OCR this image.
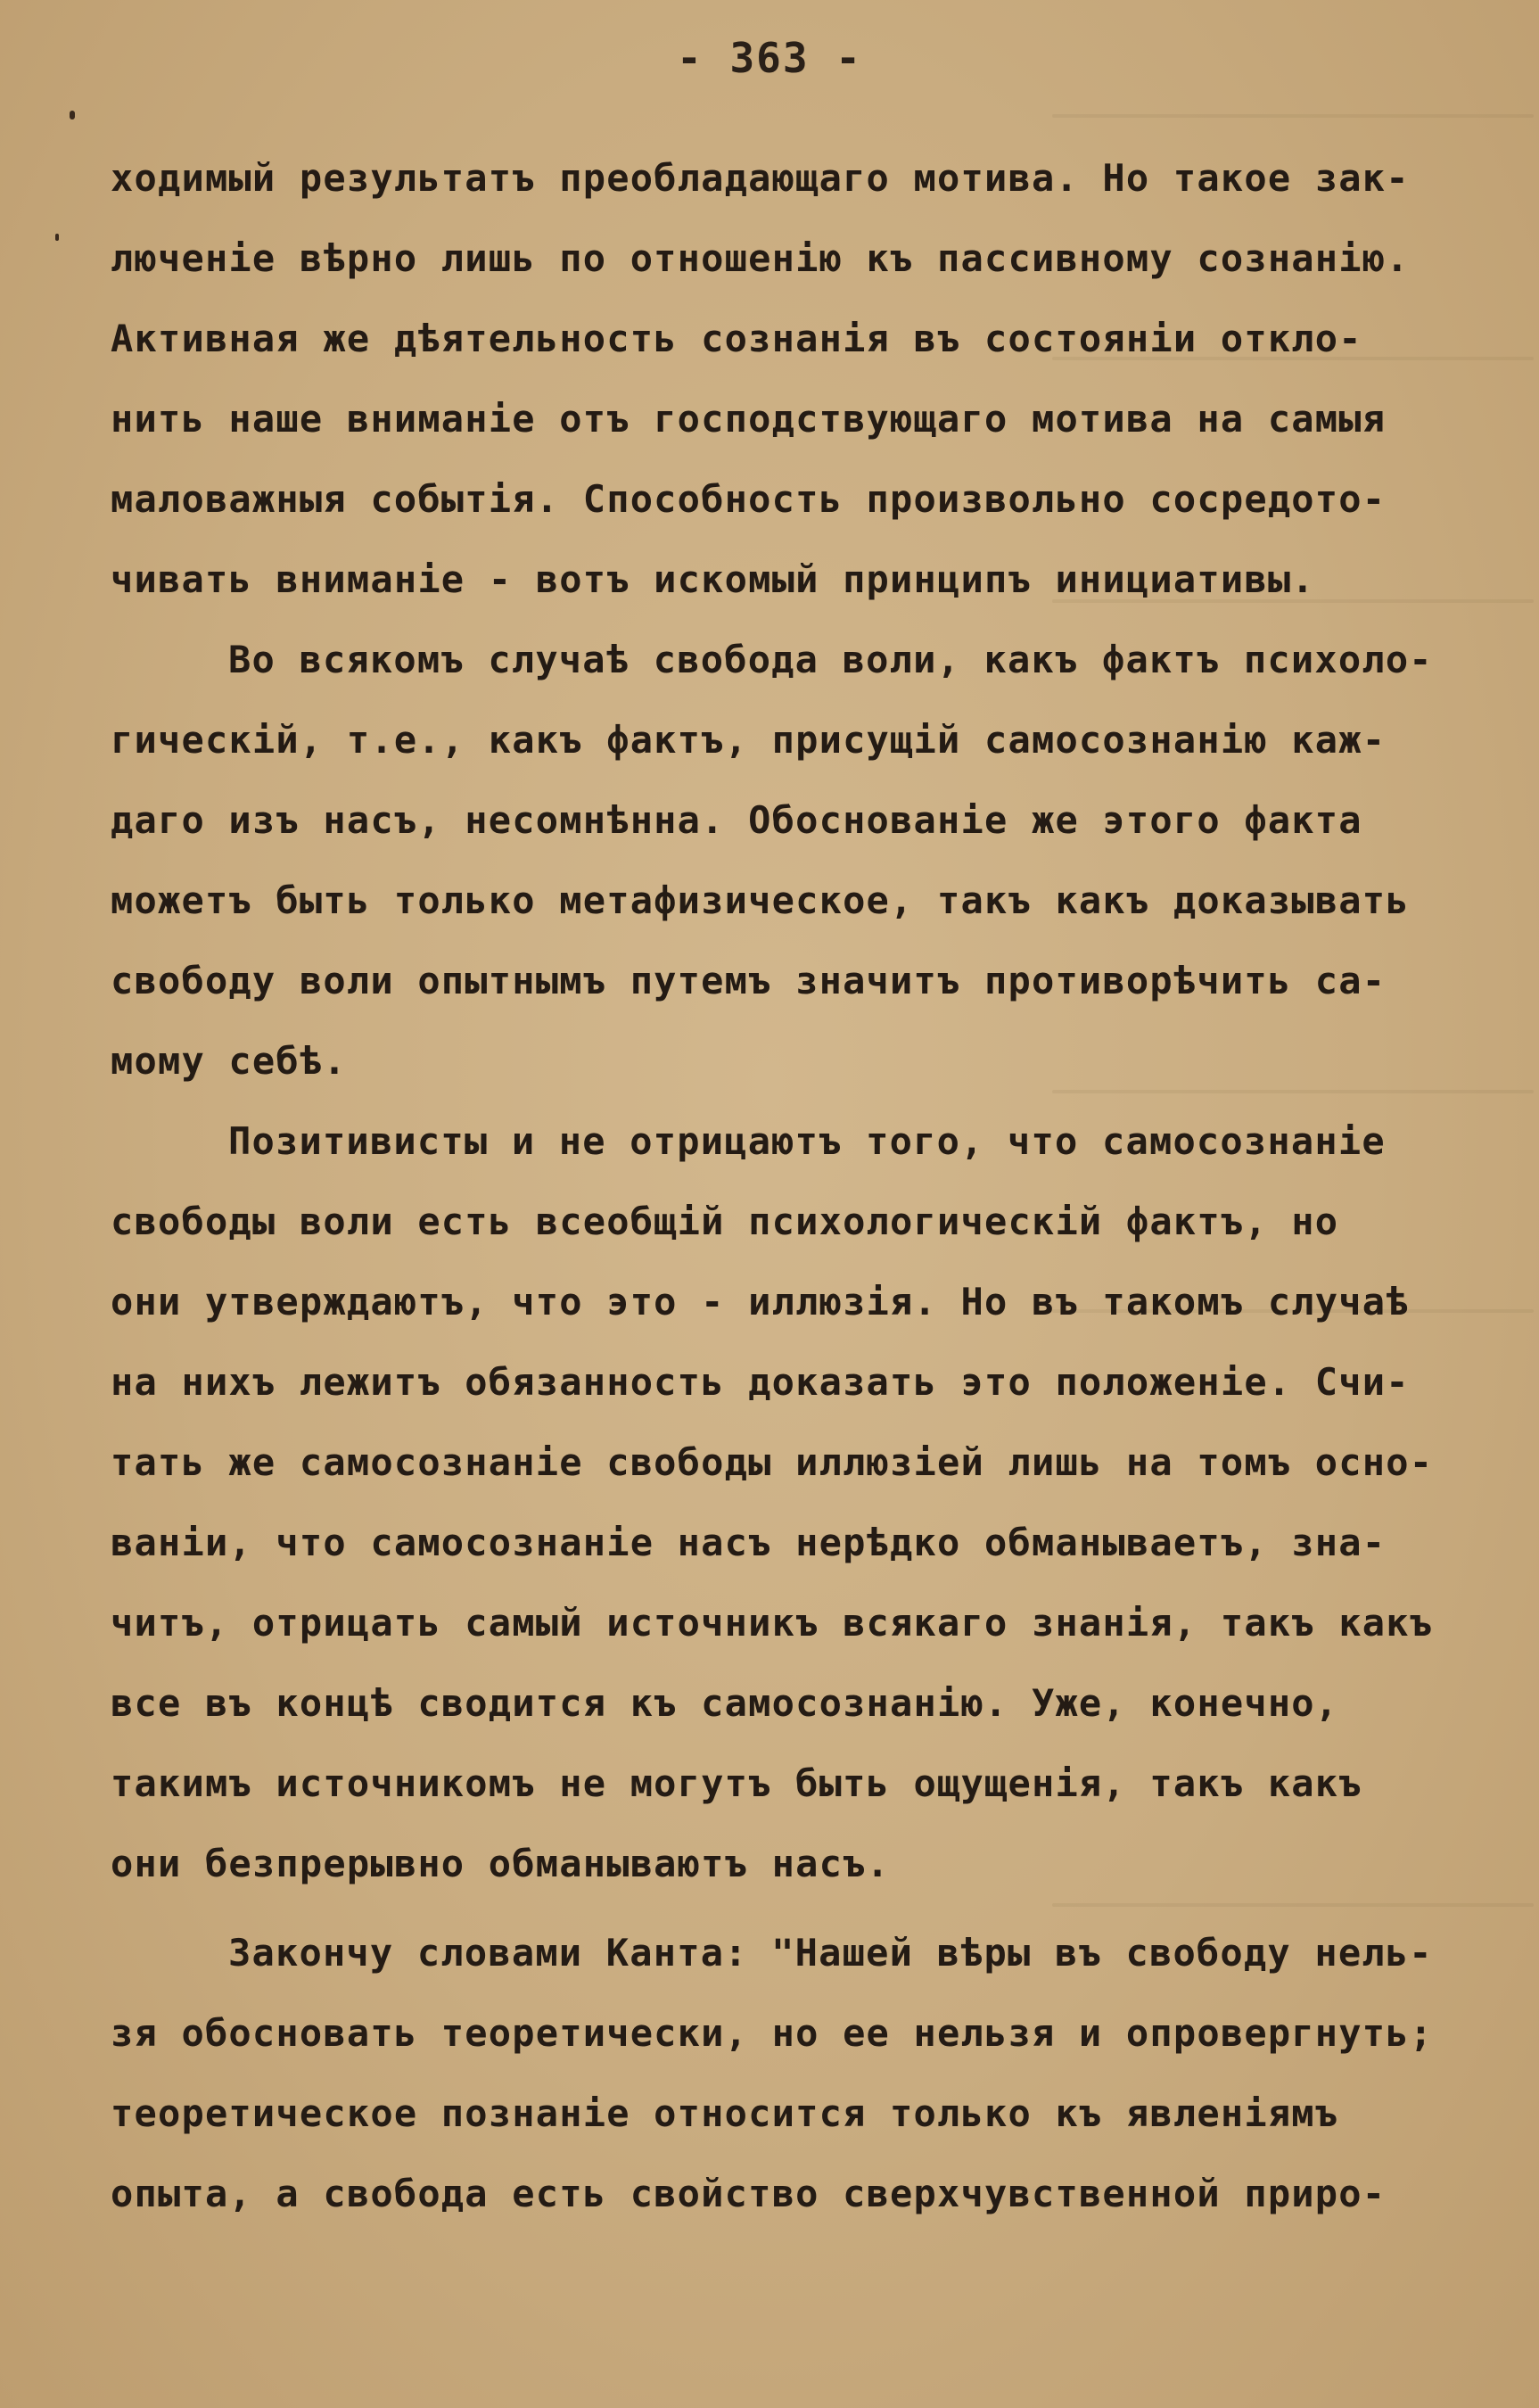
- 363 -
ходимый результатъ преобладающаго мотива. Но такое зак-
люченіе вѣрно лишь по отношенію къ пассивному сознанію.
Активная же дѣятельность сознанія въ состояніи откло-
нить наше вниманіе отъ господствующаго мотива на самыя
маловажныя событія. Способность произвольно сосредото-
чивать вниманіе - вотъ искомый принципъ инициативы.
Во всякомъ случаѣ свобода воли, какъ фактъ психоло-
гическій, т.е., какъ фактъ, присущій самосознанію каж-
даго изъ насъ, несомнѣнна. Обоснованіе же этого факта
можетъ быть только метафизическое, такъ какъ доказывать
свободу воли опытнымъ путемъ значитъ противорѣчить са-
мому себѣ.
Позитивисты и не отрицаютъ того, что самосознаніе
свободы воли есть всеобщій психологическій фактъ, но
они утверждаютъ, что это - иллюзія. Но въ такомъ случаѣ
на нихъ лежитъ обязанность доказать это положеніе. Счи-
тать же самосознаніе свободы иллюзіей лишь на томъ осно-
ваніи, что самосознаніе насъ нерѣдко обманываетъ, зна-
читъ, отрицать самый источникъ всякаго знанія, такъ какъ
все въ концѣ сводится къ самосознанію. Уже, конечно,
такимъ источникомъ не могутъ быть ощущенія, такъ какъ
они безпрерывно обманываютъ насъ.
Закончу словами Канта: "Нашей вѣры въ свободу нель-
зя обосновать теоретически, но ее нельзя и опровергнуть;
теоретическое познаніе относится только къ явленіямъ
опыта, а свобода есть свойство сверхчувственной приро-
